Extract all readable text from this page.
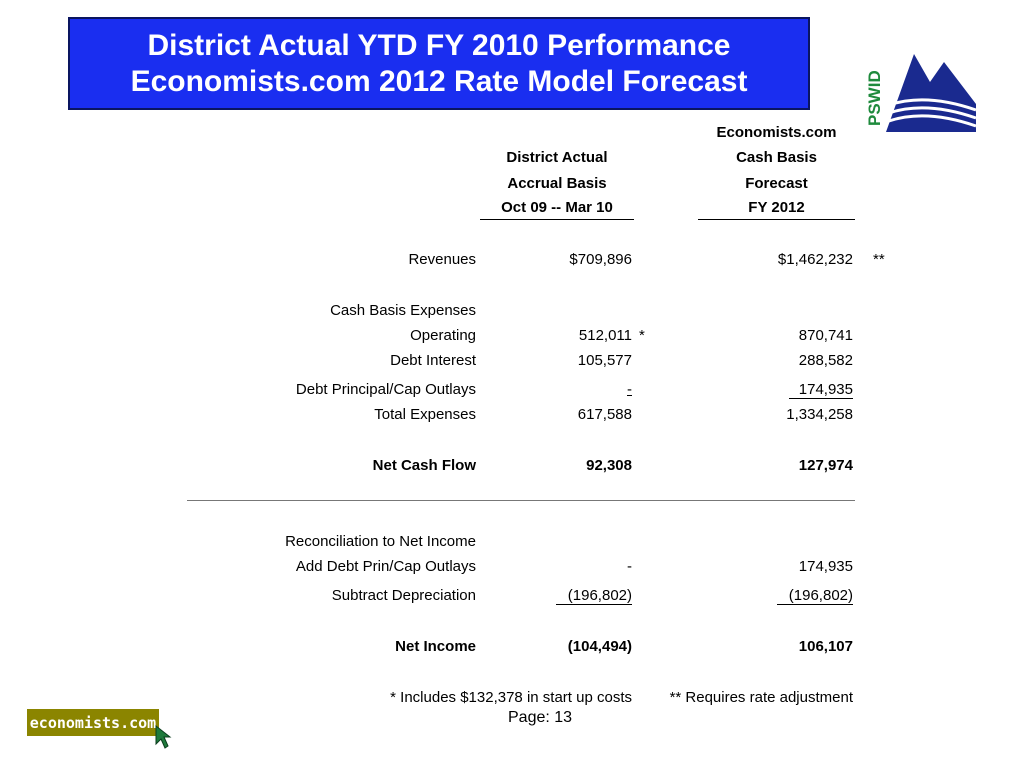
District Actual YTD FY 2010 Performance
Economists.com 2012 Rate Model Forecast	PSWID
Economists.com
District Actual	Cash Basis
Accrual Basis	Forecast
Oct 09 -- Mar 10	FY 2012
Revenues	$709,896	$1,462,232 **
Cash Basis Expenses
Operating	512,011 *	870,741
Debt Interest	105,577	288,582
Debt Principal/Cap Outlays	-	174,935
Total Expenses	617,588	1,334,258
Net Cash Flow	92,308	127,974
Reconciliation to Net Income
Add Debt Prin/Cap Outlays	-	174,935
Subtract Depreciation	(196,802)	(196,802)
Net Income	(104,494)	106,107
* Includes $132,378 in start up costs	** Requires rate adjustment
Page: 13
economists.com
